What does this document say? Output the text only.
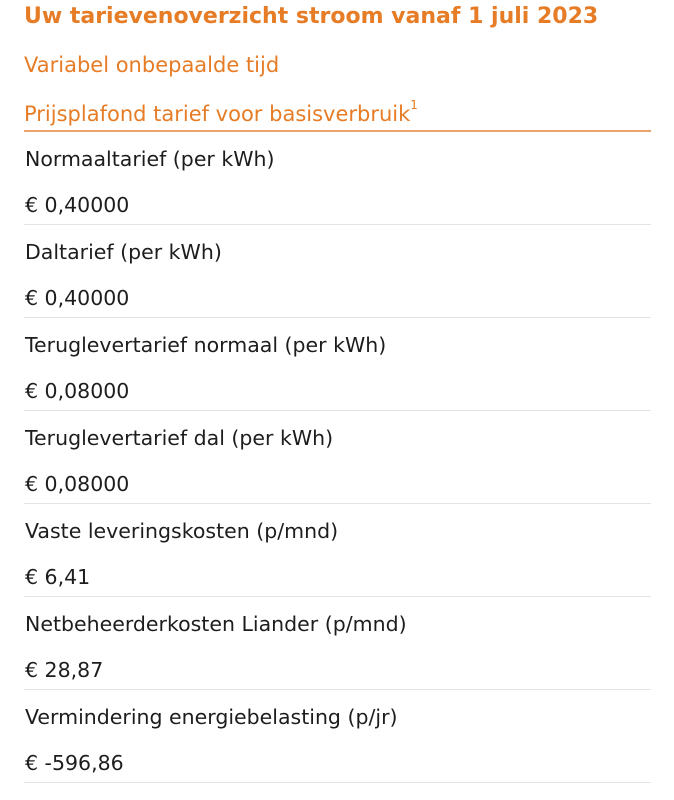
Uw tarievenoverzicht stroom vanaf 1 juli 2023
Variabel onbepaalde tijd
Prijsplafond tarief voor basisverbruik$^1$
Normaaltarief (per kWh)
€ 0,40000
Daltarief (per kWh)
€ 0,40000
Teruglevertarief normaal (per kWh)
€ 0,08000
Teruglevertarief dal (per kWh)
€ 0,08000
Vaste leveringskosten (p/mnd)
€ 6,41
Netbeheerderkosten Liander (p/mnd)
€ 28,87
Vermindering energiebelasting (p/jr)
€ -596,86
